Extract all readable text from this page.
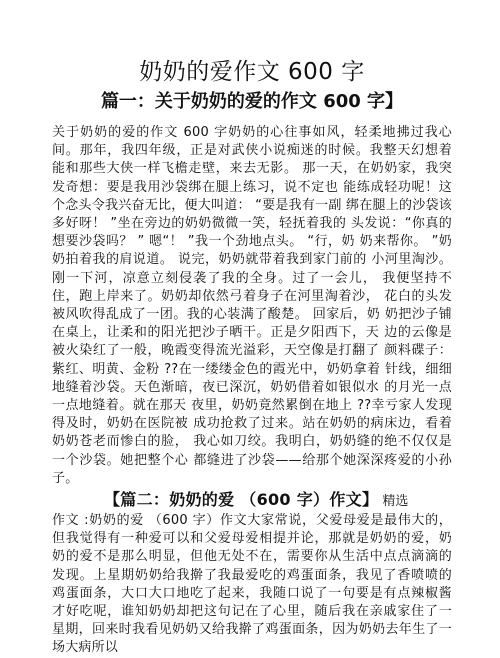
奶奶的爱作文 600 字
篇一：关于奶奶的爱的作文 600 字】

关于奶奶的爱的作文 600 字奶奶的心往事如风，轻柔地拂过我心 间。那年，我四年级，正是对武侠小说痴迷的时候。我整天幻想着 能和那些大侠一样飞檐走壁，来去无影。 那一天，在奶奶家，我突 发奇想：要是我用沙袋绑在腿上练习，说不定也 能练成轻功呢！这个念头令我兴奋无比，便大叫道： “要是我有一副 绑在腿上的沙袋该多好呀！ ”坐在旁边的奶奶微微一笑，轻抚着我的 头发说：“你真的想要沙袋吗？ ” 嗯“！ ”我一个劲地点头。 “行，奶 奶来帮你。 ”奶奶拍着我的肩说道。 说完，奶奶就带着我到家门前的 小河里淘沙。刚一下河，凉意立刻侵袭了我的全身。过了一会儿， 我便坚持不住，跑上岸来了。奶奶却依然弓着身子在河里淘着沙， 花白的头发被风吹得乱成了一团。我的心装满了酸楚。 回家后，奶 奶把沙子铺在桌上，让柔和的阳光把沙子晒干。正是夕阳西下，天 边的云像是被火染红了一般，晚霞变得流光溢彩，天空像是打翻了 颜料碟子：紫红、明黄、金粉 ??在一缕缕金色的霞光中，奶奶拿着 针线，细细地缝着沙袋。天色渐暗，夜已深沉，奶奶借着如银似水 的月光一点一点地缝着。就在那天 夜里，奶奶竟然累倒在地上 ??幸亏家人发现得及时，奶奶在医院被 成功抢救了过来。站在奶奶的病床边，看着奶奶苍老而惨白的脸， 我心如刀绞。我明白，奶奶缝的绝不仅仅是一个沙袋。她把整个心 都缝进了沙袋——给那个她深深疼爱的小孙子。

【篇二：奶奶的爱 （600 字）作文】 精选

作文 :奶奶的爱 （600 字）作文大家常说，父爱母爱是最伟大的， 但我觉得有一种爱可以和父爱母爱相提并论，那就是奶奶的爱，奶 奶的爱不是那么明显，但他无处不在，需要你从生活中点点滴滴的 发现。上星期奶奶给我擀了我最爱吃的鸡蛋面条，我见了香喷喷的 鸡蛋面条，大口大口地吃了起来，我随口说了一句要是有点辣椒酱 才好吃呢，谁知奶奶却把这句记在了心里，随后我在亲戚家住了一 星期，回来时我看见奶奶又给我擀了鸡蛋面条，因为奶奶去年生了一 场大病所以
